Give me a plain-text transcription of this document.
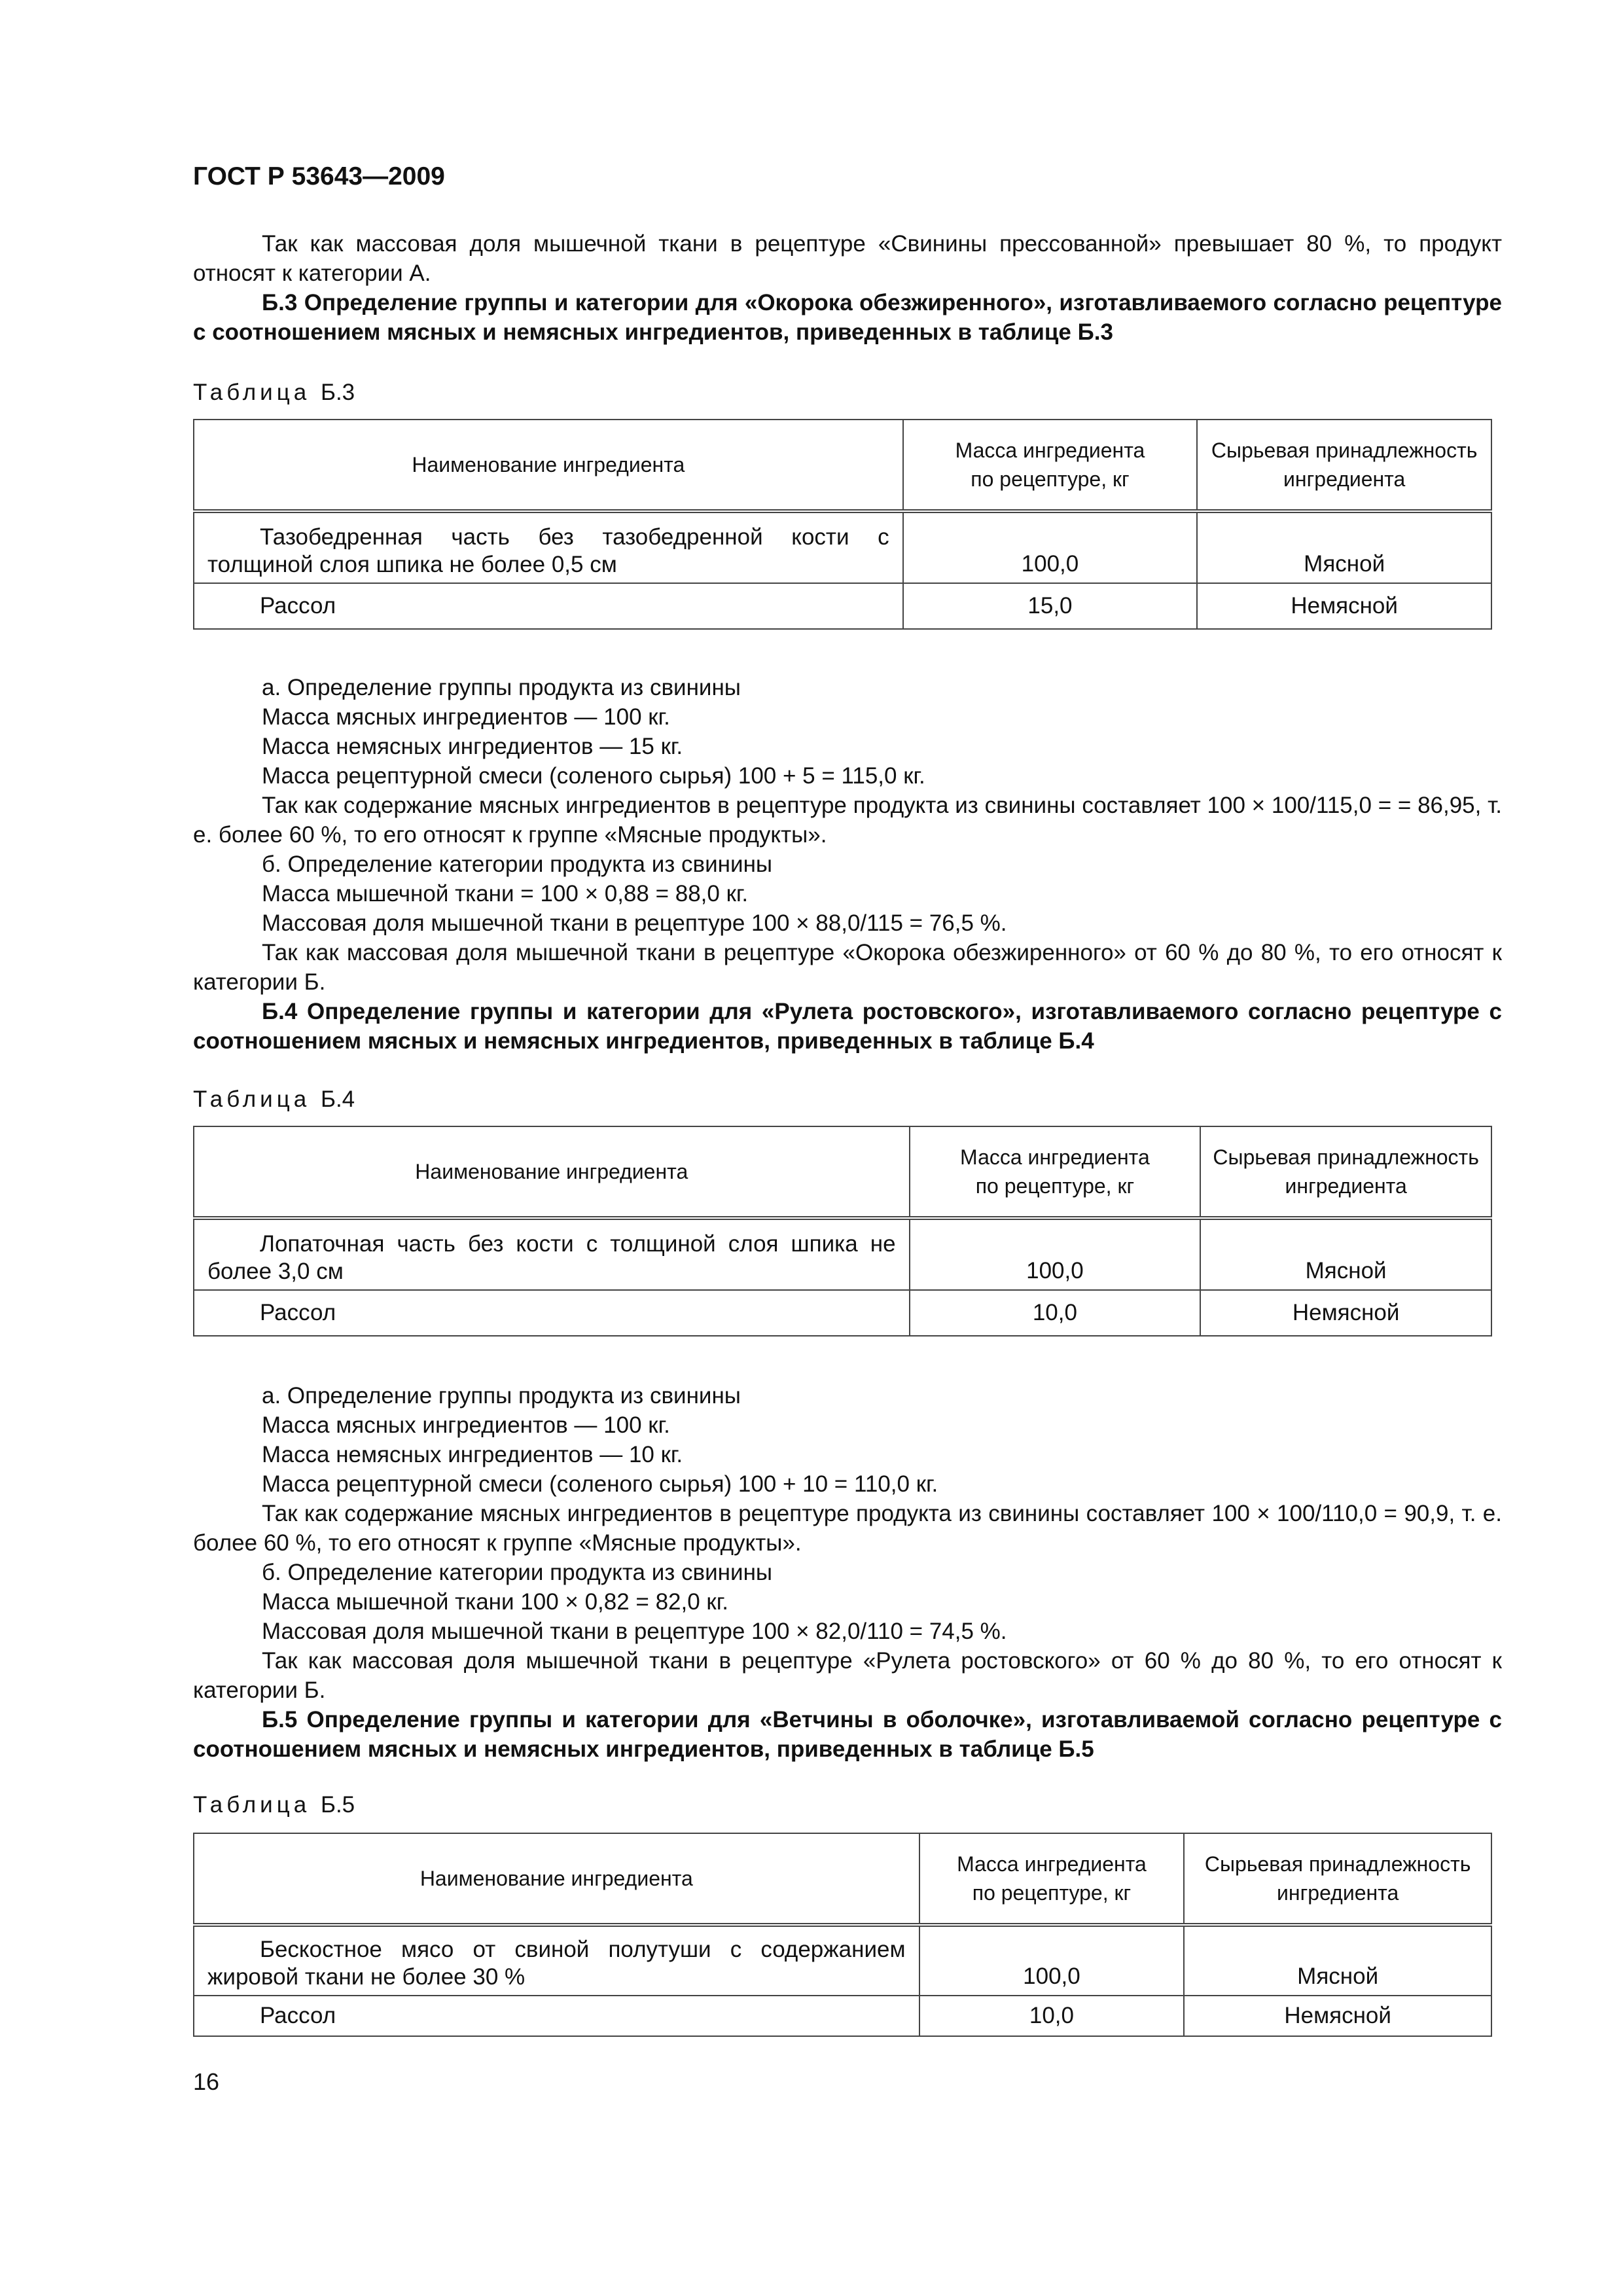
ГОСТ Р 53643—2009
Так как массовая доля мышечной ткани в рецептуре «Свинины прессованной» превышает 80 %, то продукт относят к категории А.
Б.3 Определение группы и категории для «Окорока обезжиренного», изготавливаемого согласно рецептуре с соотношением мясных и немясных ингредиентов, приведенных в таблице Б.3
Таблица Б.3
Наименование ингредиента	Масса ингредиента по рецептуре, кг	Сырьевая принадлежность ингредиента

Тазобедренная часть без тазобедренной кости с толщиной слоя шпика не более 0,5 см	100,0	Мясной
Рассол	15,0	Немясной
а. Определение группы продукта из свинины
Масса мясных ингредиентов — 100 кг.
Масса немясных ингредиентов — 15 кг.
Масса рецептурной смеси (соленого сырья) 100 + 5 = 115,0 кг.
Так как содержание мясных ингредиентов в рецептуре продукта из свинины составляет 100 × 100/115,0 = = 86,95, т. е. более 60 %, то его относят к группе «Мясные продукты».
б. Определение категории продукта из свинины
Масса мышечной ткани = 100 × 0,88 = 88,0 кг.
Массовая доля мышечной ткани в рецептуре 100 × 88,0/115 = 76,5 %.
Так как массовая доля мышечной ткани в рецептуре «Окорока обезжиренного» от 60 % до 80 %, то его относят к категории Б.
Б.4 Определение группы и категории для «Рулета ростовского», изготавливаемого согласно рецептуре с соотношением мясных и немясных ингредиентов, приведенных в таблице Б.4
Таблица Б.4
Наименование ингредиента	Масса ингредиента по рецептуре, кг	Сырьевая принадлежность ингредиента

Лопаточная часть без кости с толщиной слоя шпика не более 3,0 см	100,0	Мясной
Рассол	10,0	Немясной
а. Определение группы продукта из свинины
Масса мясных ингредиентов — 100 кг.
Масса немясных ингредиентов — 10 кг.
Масса рецептурной смеси (соленого сырья) 100 + 10 = 110,0 кг.
Так как содержание мясных ингредиентов в рецептуре продукта из свинины составляет 100 × 100/110,0 = 90,9, т. е. более 60 %, то его относят к группе «Мясные продукты».
б. Определение категории продукта из свинины
Масса мышечной ткани 100 × 0,82 = 82,0 кг.
Массовая доля мышечной ткани в рецептуре 100 × 82,0/110 = 74,5 %.
Так как массовая доля мышечной ткани в рецептуре «Рулета ростовского» от 60 % до 80 %, то его относят к категории Б.
Б.5 Определение группы и категории для «Ветчины в оболочке», изготавливаемой согласно рецептуре с соотношением мясных и немясных ингредиентов, приведенных в таблице Б.5
Таблица Б.5
Наименование ингредиента	Масса ингредиента по рецептуре, кг	Сырьевая принадлежность ингредиента

Бескостное мясо от свиной полутуши с содержанием жировой ткани не более 30 %	100,0	Мясной
Рассол	10,0	Немясной
16
